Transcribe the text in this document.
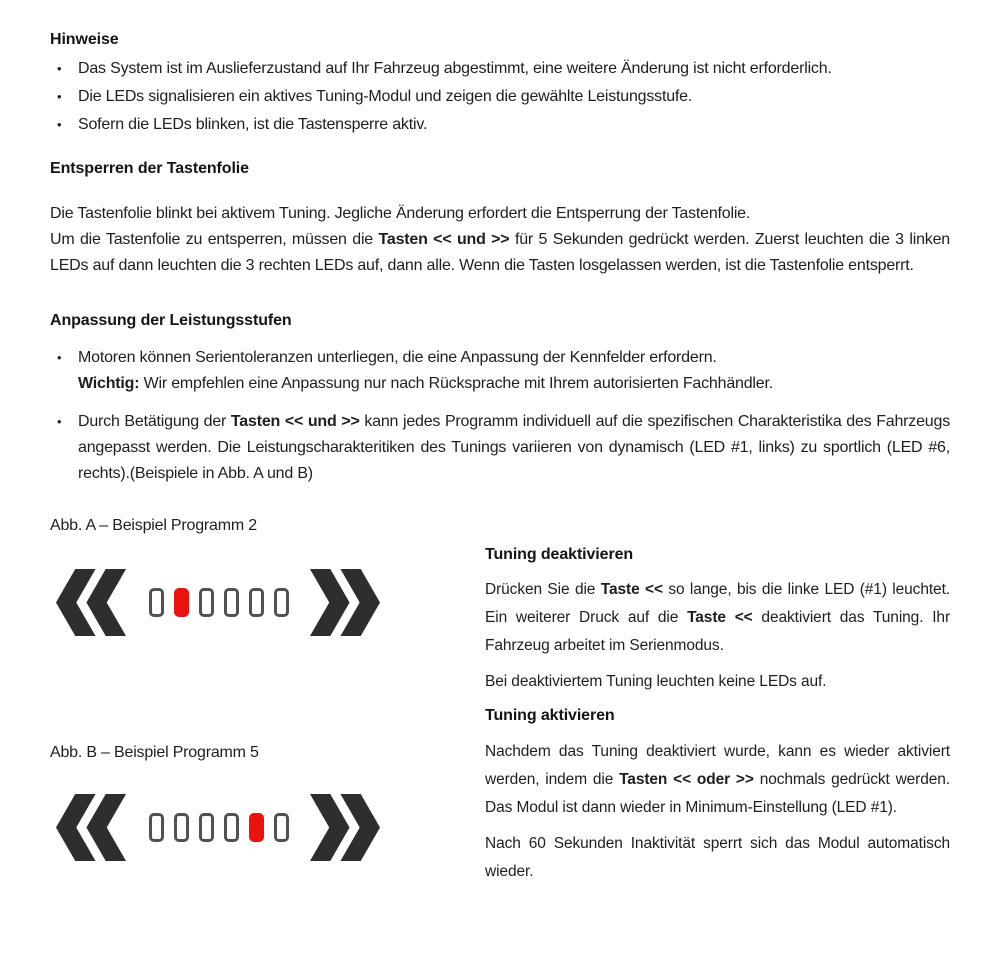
Hinweise
•	Das System ist im Auslieferzustand auf Ihr Fahrzeug abgestimmt, eine weitere Änderung ist nicht erforderlich.
•	Die LEDs signalisieren ein aktives Tuning-Modul und zeigen die gewählte Leistungsstufe.
•	Sofern die LEDs blinken, ist die Tastensperre aktiv.
Entsperren der Tastenfolie

Die Tastenfolie blinkt bei aktivem Tuning. Jegliche Änderung erfordert die Entsperrung der Tastenfolie.

Um die Tastenfolie zu entsperren, müssen die Tasten << und >> für 5 Sekunden gedrückt werden. Zuerst leuchten die 3 linken LEDs auf dann leuchten die 3 rechten LEDs auf, dann alle. Wenn die Tasten losgelassen werden, ist die Tastenfolie entsperrt.

Anpassung der Leistungsstufen
•	Motoren können Serientoleranzen unterliegen, die eine Anpassung der Kennfelder erfordern.

Wichtig: Wir empfehlen eine Anpassung nur nach Rücksprache mit Ihrem autorisierten Fachhändler.

•	Durch Betätigung der Tasten << und >> kann jedes Programm individuell auf die spezifischen Charakteristika des Fahrzeugs angepasst werden. Die Leistungscharakteritiken des Tunings variieren von dynamisch (LED #1, links) zu sportlich (LED #6, rechts).(Beispiele in Abb. A und B)

Abb. A – Beispiel Programm 2

Abb. B – Beispiel Programm 5

Tuning deaktivieren

Drücken Sie die Taste << so lange, bis die linke LED (#1) leuchtet. Ein weiterer Druck auf die Taste << deaktiviert das Tuning. Ihr Fahrzeug arbeitet im Serienmodus.

Bei deaktiviertem Tuning leuchten keine LEDs auf.

Tuning aktivieren

Nachdem das Tuning deaktiviert wurde, kann es wieder aktiviert werden, indem die Tasten << oder >> nochmals gedrückt werden. Das Modul ist dann wieder in Minimum-Einstellung (LED #1).

Nach 60 Sekunden Inaktivität sperrt sich das Modul automatisch wieder.
